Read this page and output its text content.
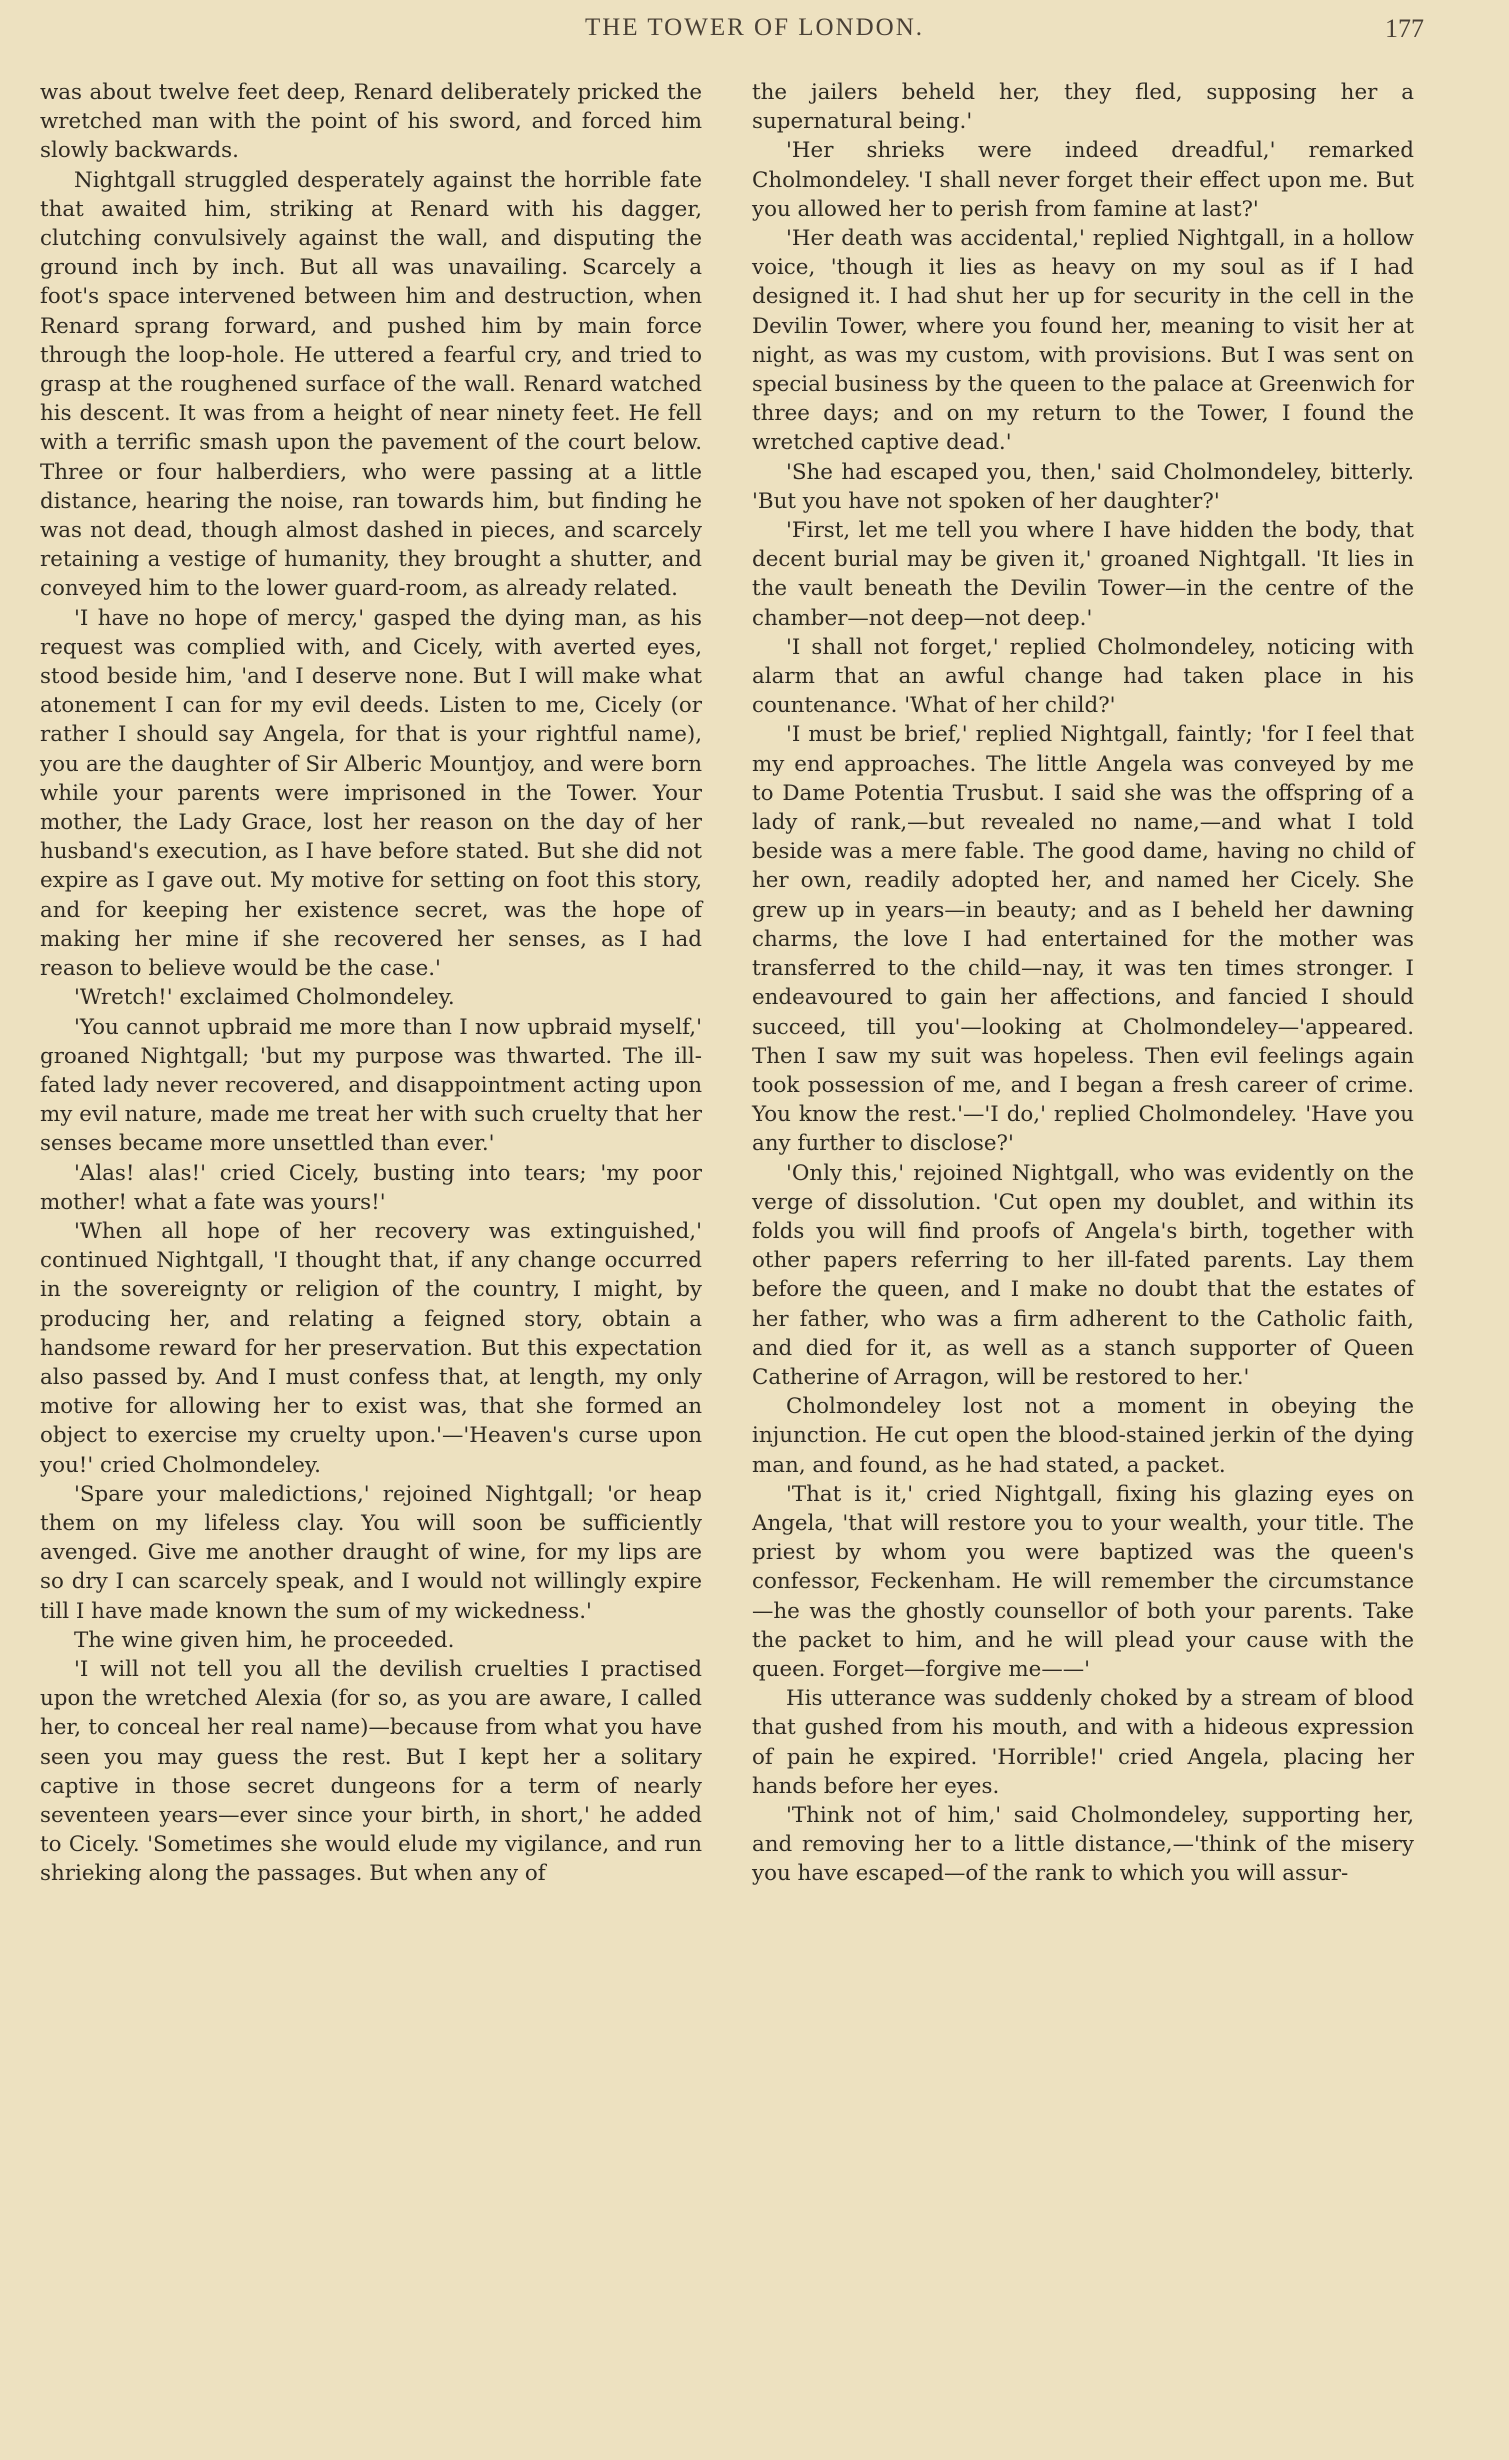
THE TOWER OF LONDON.	177

was about twelve feet deep, Renard deliberately pricked the wretched man with the point of his sword, and forced him slowly backwards.

Nightgall struggled desperately against the horrible fate that awaited him, striking at Renard with his dagger, clutching convulsively against the wall, and disputing the ground inch by inch. But all was unavailing. Scarcely a foot's space intervened between him and destruction, when Renard sprang forward, and pushed him by main force through the loop-hole. He uttered a fearful cry, and tried to grasp at the roughened surface of the wall. Renard watched his descent. It was from a height of near ninety feet. He fell with a terrific smash upon the pavement of the court below. Three or four halberdiers, who were passing at a little distance, hearing the noise, ran towards him, but finding he was not dead, though almost dashed in pieces, and scarcely retaining a vestige of humanity, they brought a shutter, and conveyed him to the lower guard-room, as already related.

'I have no hope of mercy,' gasped the dying man, as his request was complied with, and Cicely, with averted eyes, stood beside him, 'and I deserve none. But I will make what atonement I can for my evil deeds. Listen to me, Cicely (or rather I should say Angela, for that is your rightful name), you are the daughter of Sir Alberic Mountjoy, and were born while your parents were imprisoned in the Tower. Your mother, the Lady Grace, lost her reason on the day of her husband's execution, as I have before stated. But she did not expire as I gave out. My motive for setting on foot this story, and for keeping her existence secret, was the hope of making her mine if she recovered her senses, as I had reason to believe would be the case.'

'Wretch!' exclaimed Cholmondeley.

'You cannot upbraid me more than I now upbraid myself,' groaned Nightgall; 'but my purpose was thwarted. The ill-fated lady never recovered, and disappointment acting upon my evil nature, made me treat her with such cruelty that her senses became more unsettled than ever.'

'Alas! alas!' cried Cicely, busting into tears; 'my poor mother! what a fate was yours!'

'When all hope of her recovery was extinguished,' continued Nightgall, 'I thought that, if any change occurred in the sovereignty or religion of the country, I might, by producing her, and relating a feigned story, obtain a handsome reward for her preservation. But this expectation also passed by. And I must confess that, at length, my only motive for allowing her to exist was, that she formed an object to exercise my cruelty upon.'—'Heaven's curse upon you!' cried Cholmondeley.

'Spare your maledictions,' rejoined Nightgall; 'or heap them on my lifeless clay. You will soon be sufficiently avenged. Give me another draught of wine, for my lips are so dry I can scarcely speak, and I would not willingly expire till I have made known the sum of my wickedness.'

The wine given him, he proceeded.

'I will not tell you all the devilish cruelties I practised upon the wretched Alexia (for so, as you are aware, I called her, to conceal her real name)—because from what you have seen you may guess the rest. But I kept her a solitary captive in those secret dungeons for a term of nearly seventeen years—ever since your birth, in short,' he added to Cicely. 'Sometimes she would elude my vigilance, and run shrieking along the passages. But when any of

the jailers beheld her, they fled, supposing her a supernatural being.'

'Her shrieks were indeed dreadful,' remarked Cholmondeley. 'I shall never forget their effect upon me. But you allowed her to perish from famine at last?'

'Her death was accidental,' replied Nightgall, in a hollow voice, 'though it lies as heavy on my soul as if I had designed it. I had shut her up for security in the cell in the Devilin Tower, where you found her, meaning to visit her at night, as was my custom, with provisions. But I was sent on special business by the queen to the palace at Greenwich for three days; and on my return to the Tower, I found the wretched captive dead.'

'She had escaped you, then,' said Cholmondeley, bitterly. 'But you have not spoken of her daughter?'

'First, let me tell you where I have hidden the body, that decent burial may be given it,' groaned Nightgall. 'It lies in the vault beneath the Devilin Tower—in the centre of the chamber—not deep—not deep.'

'I shall not forget,' replied Cholmondeley, noticing with alarm that an awful change had taken place in his countenance. 'What of her child?'

'I must be brief,' replied Nightgall, faintly; 'for I feel that my end approaches. The little Angela was conveyed by me to Dame Potentia Trusbut. I said she was the offspring of a lady of rank,—but revealed no name,—and what I told beside was a mere fable. The good dame, having no child of her own, readily adopted her, and named her Cicely. She grew up in years—in beauty; and as I beheld her dawning charms, the love I had entertained for the mother was transferred to the child—nay, it was ten times stronger. I endeavoured to gain her affections, and fancied I should succeed, till you'—looking at Cholmondeley—'appeared. Then I saw my suit was hopeless. Then evil feelings again took possession of me, and I began a fresh career of crime. You know the rest.'—'I do,' replied Cholmondeley. 'Have you any further to disclose?'

'Only this,' rejoined Nightgall, who was evidently on the verge of dissolution. 'Cut open my doublet, and within its folds you will find proofs of Angela's birth, together with other papers referring to her ill-fated parents. Lay them before the queen, and I make no doubt that the estates of her father, who was a firm adherent to the Catholic faith, and died for it, as well as a stanch supporter of Queen Catherine of Arragon, will be restored to her.'

Cholmondeley lost not a moment in obeying the injunction. He cut open the blood-stained jerkin of the dying man, and found, as he had stated, a packet.

'That is it,' cried Nightgall, fixing his glazing eyes on Angela, 'that will restore you to your wealth, your title. The priest by whom you were baptized was the queen's confessor, Feckenham. He will remember the circumstance—he was the ghostly counsellor of both your parents. Take the packet to him, and he will plead your cause with the queen. Forget—forgive me——'

His utterance was suddenly choked by a stream of blood that gushed from his mouth, and with a hideous expression of pain he expired. 'Horrible!' cried Angela, placing her hands before her eyes.

'Think not of him,' said Cholmondeley, supporting her, and removing her to a little distance,—'think of the misery you have escaped—of the rank to which you will assur-
